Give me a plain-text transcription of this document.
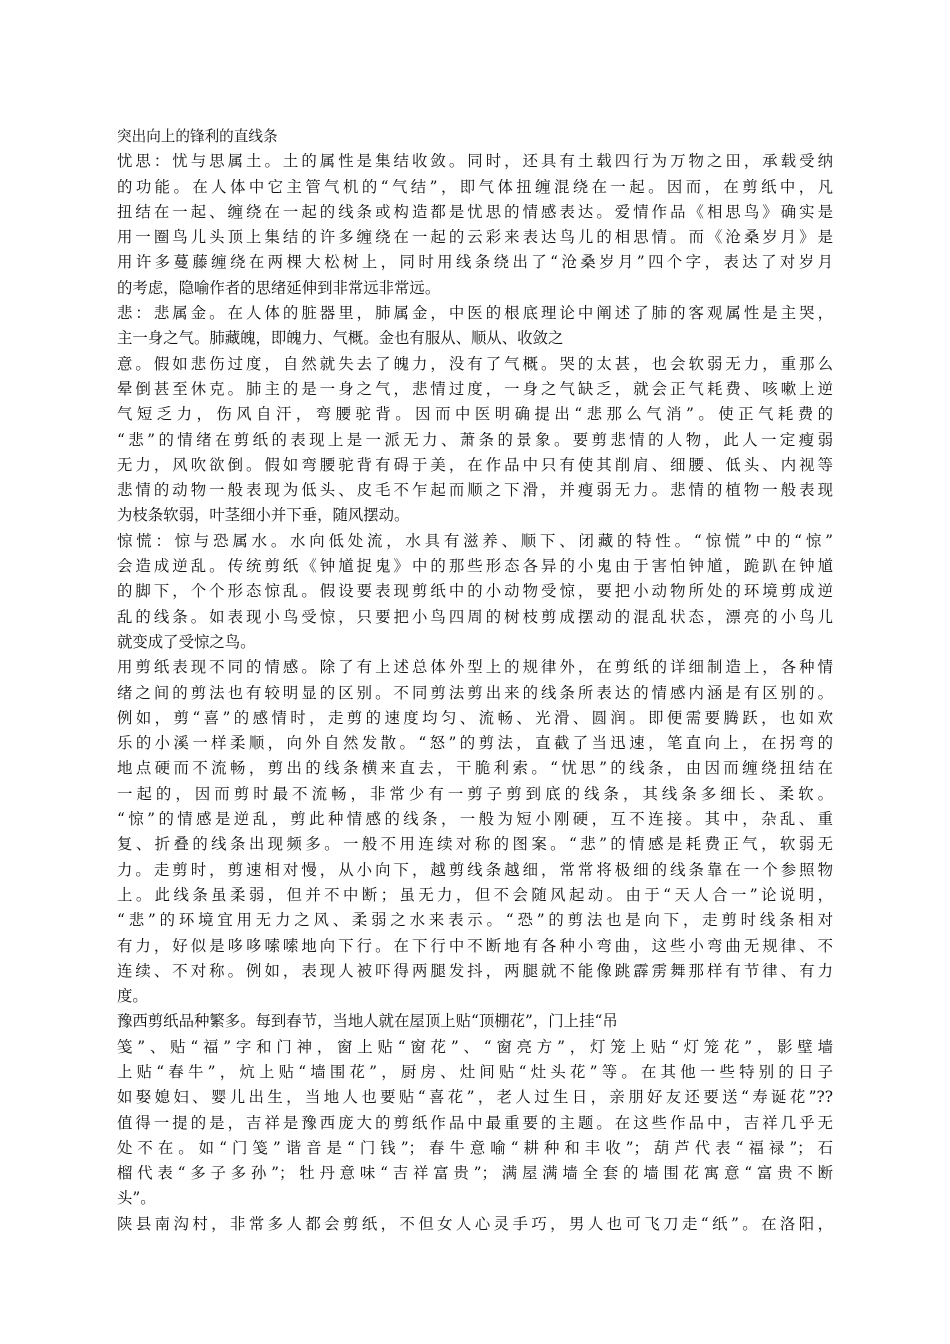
突出向上的锋利的直线条
忧思：忧与思属土。土的属性是集结收敛。同时，还具有土载四行为万物之田，承载受纳
的功能。在人体中它主管气机的“气结”，即气体扭缠混绕在一起。因而，在剪纸中，凡
扭结在一起、缠绕在一起的线条或构造都是忧思的情感表达。爱情作品《相思鸟》确实是
用一圈鸟儿头顶上集结的许多缠绕在一起的云彩来表达鸟儿的相思情。而《沧桑岁月》是
用许多蔓藤缠绕在两棵大松树上，同时用线条绕出了“沧桑岁月”四个字，表达了对岁月
的考虑，隐喻作者的思绪延伸到非常远非常远。
悲：悲属金。在人体的脏器里，肺属金，中医的根底理论中阐述了肺的客观属性是主哭，
主一身之气。肺藏魄，即魄力、气概。金也有服从、顺从、收敛之
意。假如悲伤过度，自然就失去了魄力，没有了气概。哭的太甚，也会软弱无力，重那么
晕倒甚至休克。肺主的是一身之气，悲情过度，一身之气缺乏，就会正气耗费、咳嗽上逆
气短乏力，伤风自汗，弯腰驼背。因而中医明确提出“悲那么气消”。使正气耗费的
“悲”的情绪在剪纸的表现上是一派无力、萧条的景象。要剪悲情的人物，此人一定瘦弱
无力，风吹欲倒。假如弯腰驼背有碍于美，在作品中只有使其削肩、细腰、低头、内视等
悲情的动物一般表现为低头、皮毛不乍起而顺之下滑，并瘦弱无力。悲情的植物一般表现
为枝条软弱，叶茎细小并下垂，随风摆动。
惊慌：惊与恐属水。水向低处流，水具有滋养、顺下、闭藏的特性。“惊慌”中的“惊”
会造成逆乱。传统剪纸《钟馗捉鬼》中的那些形态各异的小鬼由于害怕钟馗，跪趴在钟馗
的脚下，个个形态惊乱。假设要表现剪纸中的小动物受惊，要把小动物所处的环境剪成逆
乱的线条。如表现小鸟受惊，只要把小鸟四周的树枝剪成摆动的混乱状态，漂亮的小鸟儿
就变成了受惊之鸟。
用剪纸表现不同的情感。除了有上述总体外型上的规律外，在剪纸的详细制造上，各种情
绪之间的剪法也有较明显的区别。不同剪法剪出来的线条所表达的情感内涵是有区别的。
例如，剪“喜”的感情时，走剪的速度均匀、流畅、光滑、圆润。即便需要腾跃，也如欢
乐的小溪一样柔顺，向外自然发散。“怒”的剪法，直截了当迅速，笔直向上，在拐弯的
地点硬而不流畅，剪出的线条横来直去，干脆利索。“忧思”的线条，由因而缠绕扭结在
一起的，因而剪时最不流畅，非常少有一剪子剪到底的线条，其线条多细长、柔软。
“惊”的情感是逆乱，剪此种情感的线条，一般为短小刚硬，互不连接。其中，杂乱、重
复、折叠的线条出现频多。一般不用连续对称的图案。“悲”的情感是耗费正气，软弱无
力。走剪时，剪速相对慢，从小向下，越剪线条越细，常常将极细的线条靠在一个参照物
上。此线条虽柔弱，但并不中断；虽无力，但不会随风起动。由于“天人合一”论说明，
“悲”的环境宜用无力之风、柔弱之水来表示。“恐”的剪法也是向下，走剪时线条相对
有力，好似是哆哆嗦嗦地向下行。在下行中不断地有各种小弯曲，这些小弯曲无规律、不
连续、不对称。例如，表现人被吓得两腿发抖，两腿就不能像跳霹雳舞那样有节律、有力
度。
豫西剪纸品种繁多。每到春节，当地人就在屋顶上贴“顶棚花”，门上挂“吊
笺”、贴“福”字和门神，窗上贴“窗花”、“窗亮方”，灯笼上贴“灯笼花”，影壁墙
上贴“春牛”，炕上贴“墙围花”，厨房、灶间贴“灶头花”等。在其他一些特别的日子
如娶媳妇、婴儿出生，当地人也要贴“喜花”，老人过生日，亲朋好友还要送“寿诞花”??
值得一提的是，吉祥是豫西庞大的剪纸作品中最重要的主题。在这些作品中，吉祥几乎无
处不在。如“门笺”谐音是“门钱”；春牛意喻“耕种和丰收”；葫芦代表“福禄”；石
榴代表“多子多孙”；牡丹意味“吉祥富贵”；满屋满墙全套的墙围花寓意“富贵不断
头”。
陕县南沟村，非常多人都会剪纸，不但女人心灵手巧，男人也可飞刀走“纸”。在洛阳，
